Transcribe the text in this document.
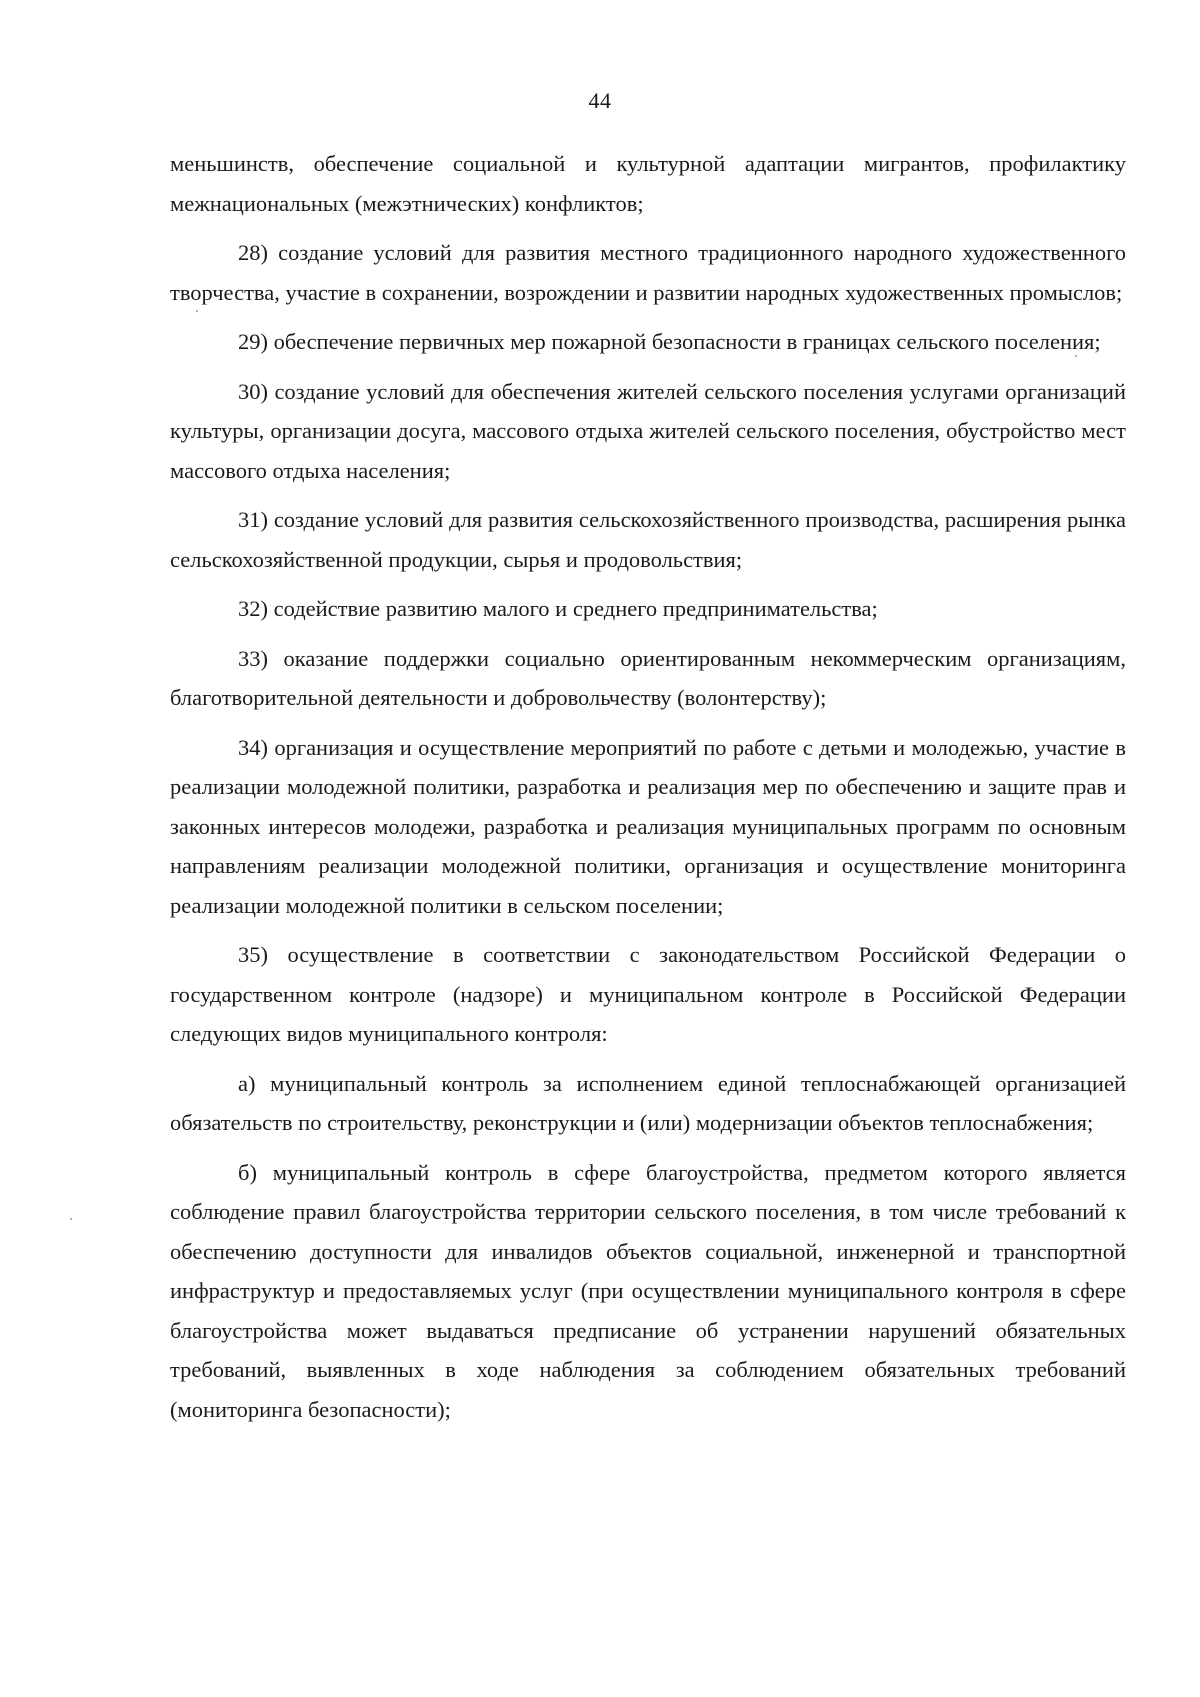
44

меньшинств, обеспечение социальной и культурной адаптации мигрантов, профилактику межнациональных (межэтнических) конфликтов;

28) создание условий для развития местного традиционного народного художественного творчества, участие в сохранении, возрождении и развитии народных художественных промыслов;

29) обеспечение первичных мер пожарной безопасности в границах сельского поселения;

30) создание условий для обеспечения жителей сельского поселения услугами организаций культуры, организации досуга, массового отдыха жителей сельского поселения, обустройство мест массового отдыха населения;

31) создание условий для развития сельскохозяйственного производства, расширения рынка сельскохозяйственной продукции, сырья и продовольствия;

32) содействие развитию малого и среднего предпринимательства;

33) оказание поддержки социально ориентированным некоммерческим организациям, благотворительной деятельности и добровольчеству (волонтерству);

34) организация и осуществление мероприятий по работе с детьми и молодежью, участие в реализации молодежной политики, разработка и реализация мер по обеспечению и защите прав и законных интересов молодежи, разработка и реализация муниципальных программ по основным направлениям реализации молодежной политики, организация и осуществление мониторинга реализации молодежной политики в сельском поселении;

35) осуществление в соответствии с законодательством Российской Федерации о государственном контроле (надзоре) и муниципальном контроле в Российской Федерации следующих видов муниципального контроля:

а) муниципальный контроль за исполнением единой теплоснабжающей организацией обязательств по строительству, реконструкции и (или) модернизации объектов теплоснабжения;

б) муниципальный контроль в сфере благоустройства, предметом которого является соблюдение правил благоустройства территории сельского поселения, в том числе требований к обеспечению доступности для инвалидов объектов социальной, инженерной и транспортной инфраструктур и предоставляемых услуг (при осуществлении муниципального контроля в сфере благоустройства может выдаваться предписание об устранении нарушений обязательных требований, выявленных в ходе наблюдения за соблюдением обязательных требований (мониторинга безопасности);
